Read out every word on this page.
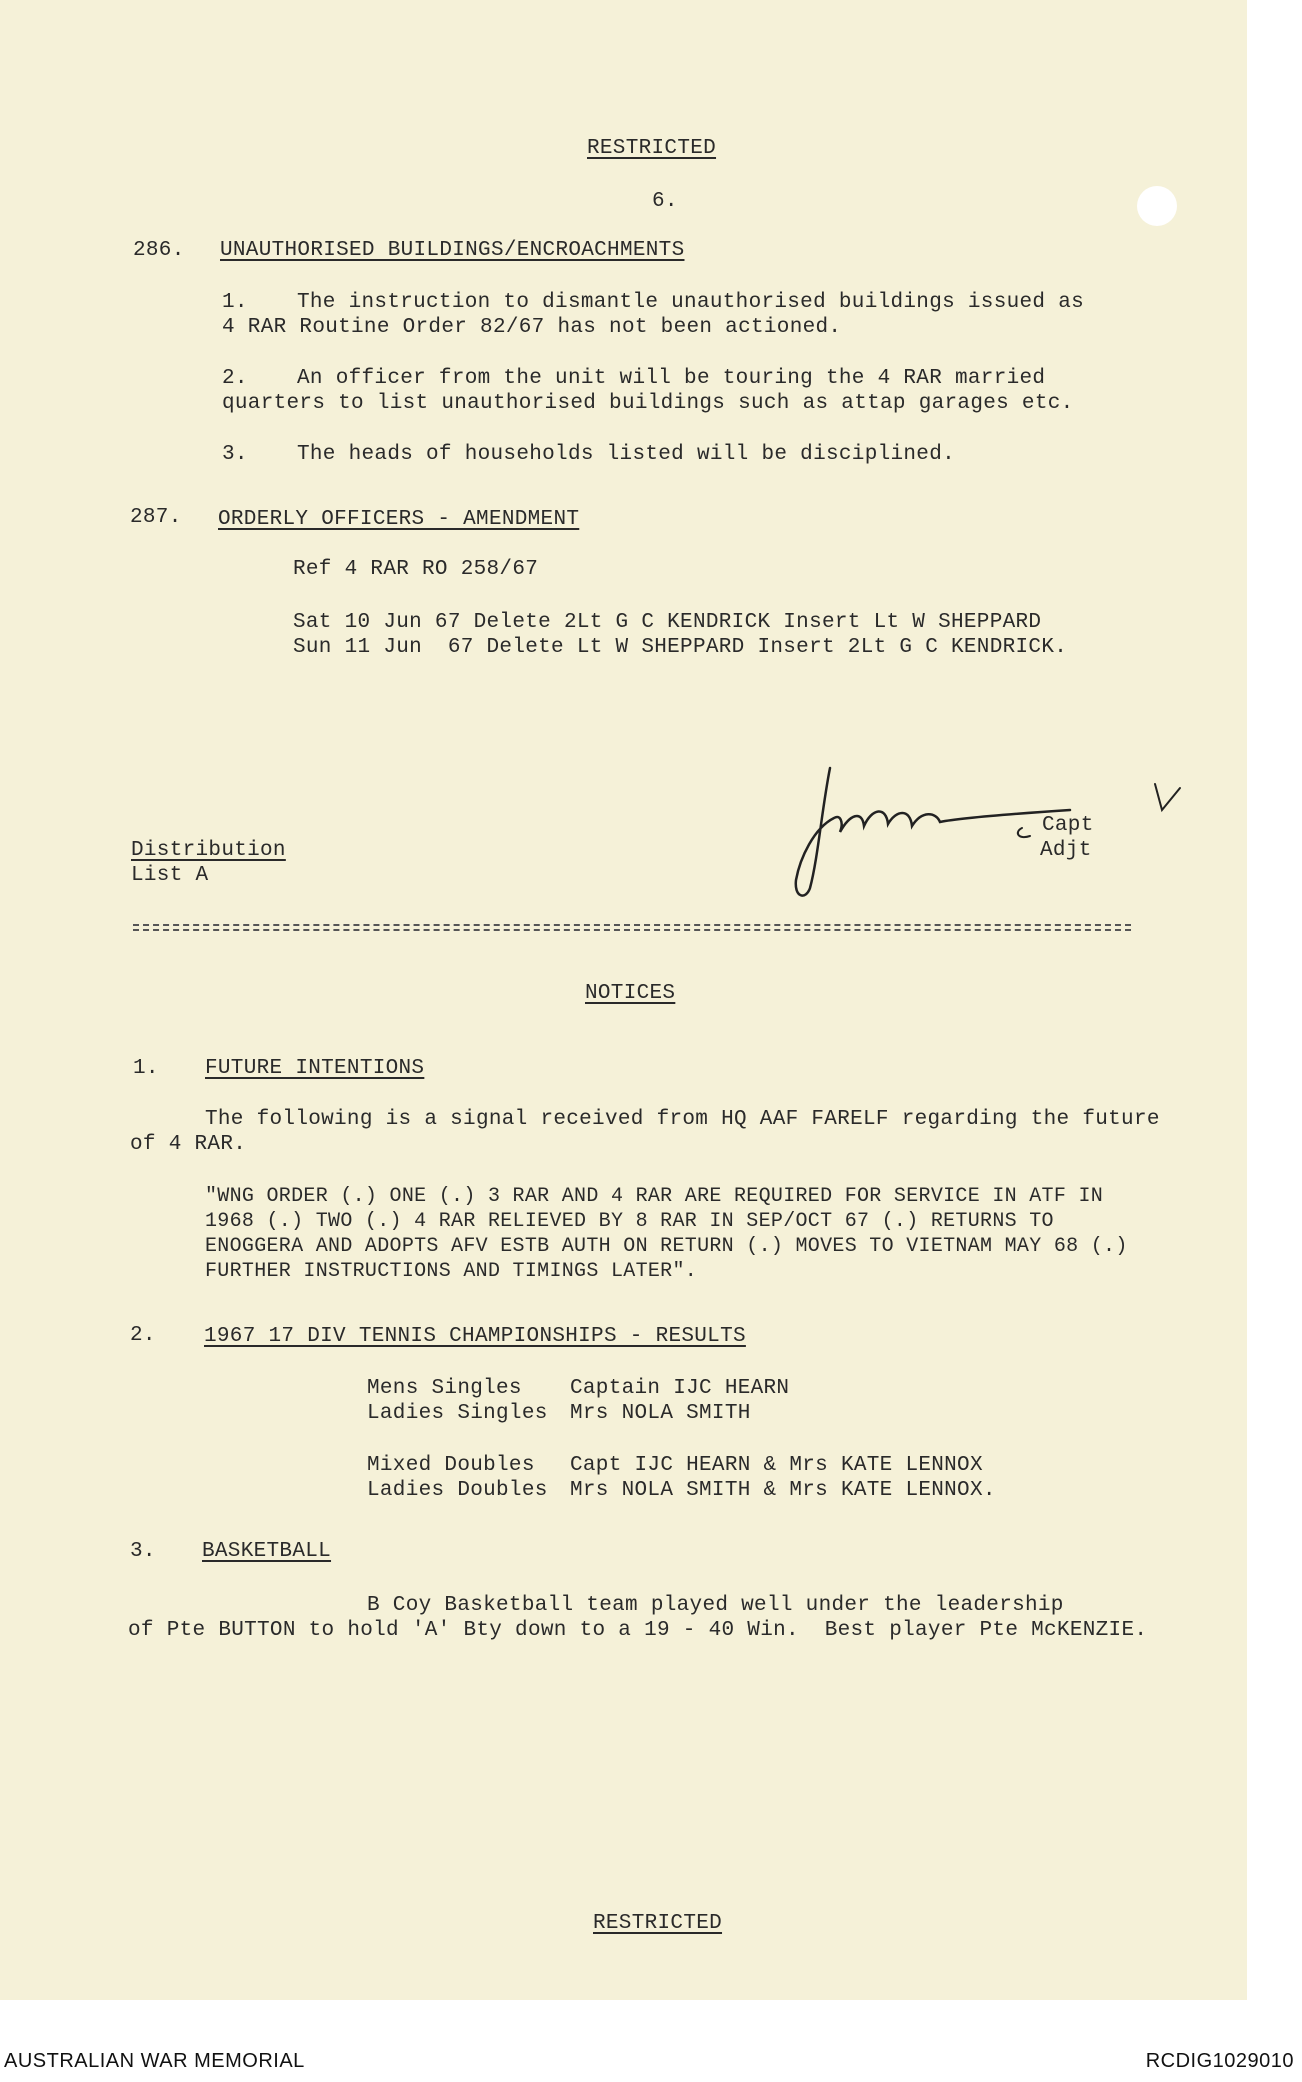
RESTRICTED
6.
286. UNAUTHORISED BUILDINGS/ENCROACHMENTS
1. The instruction to dismantle unauthorised buildings issued as
4 RAR Routine Order 82/67 has not been actioned.
2. An officer from the unit will be touring the 4 RAR married
quarters to list unauthorised buildings such as attap garages etc.
3. The heads of households listed will be disciplined.
287. ORDERLY OFFICERS - AMENDMENT
Ref 4 RAR RO 258/67
Sat 10 Jun 67 Delete 2Lt G C KENDRICK Insert Lt W SHEPPARD
Sun 11 Jun  67 Delete Lt W SHEPPARD Insert 2Lt G C KENDRICK.
Capt
Adjt
Distribution
List A
NOTICES
1. FUTURE INTENTIONS
The following is a signal received from HQ AAF FARELF regarding the future
of 4 RAR.
"WNG ORDER (.) ONE (.) 3 RAR AND 4 RAR ARE REQUIRED FOR SERVICE IN ATF IN
1968 (.) TWO (.) 4 RAR RELIEVED BY 8 RAR IN SEP/OCT 67 (.) RETURNS TO
ENOGGERA AND ADOPTS AFV ESTB AUTH ON RETURN (.) MOVES TO VIETNAM MAY 68 (.)
FURTHER INSTRUCTIONS AND TIMINGS LATER".
2. 1967 17 DIV TENNIS CHAMPIONSHIPS - RESULTS
Mens Singles Captain IJC HEARN
Ladies Singles Mrs NOLA SMITH
Mixed Doubles Capt IJC HEARN & Mrs KATE LENNOX
Ladies Doubles Mrs NOLA SMITH & Mrs KATE LENNOX.
3. BASKETBALL
B Coy Basketball team played well under the leadership
of Pte BUTTON to hold 'A' Bty down to a 19 - 40 Win.  Best player Pte McKENZIE.
RESTRICTED
AUSTRALIAN WAR MEMORIAL	RCDIG1029010
